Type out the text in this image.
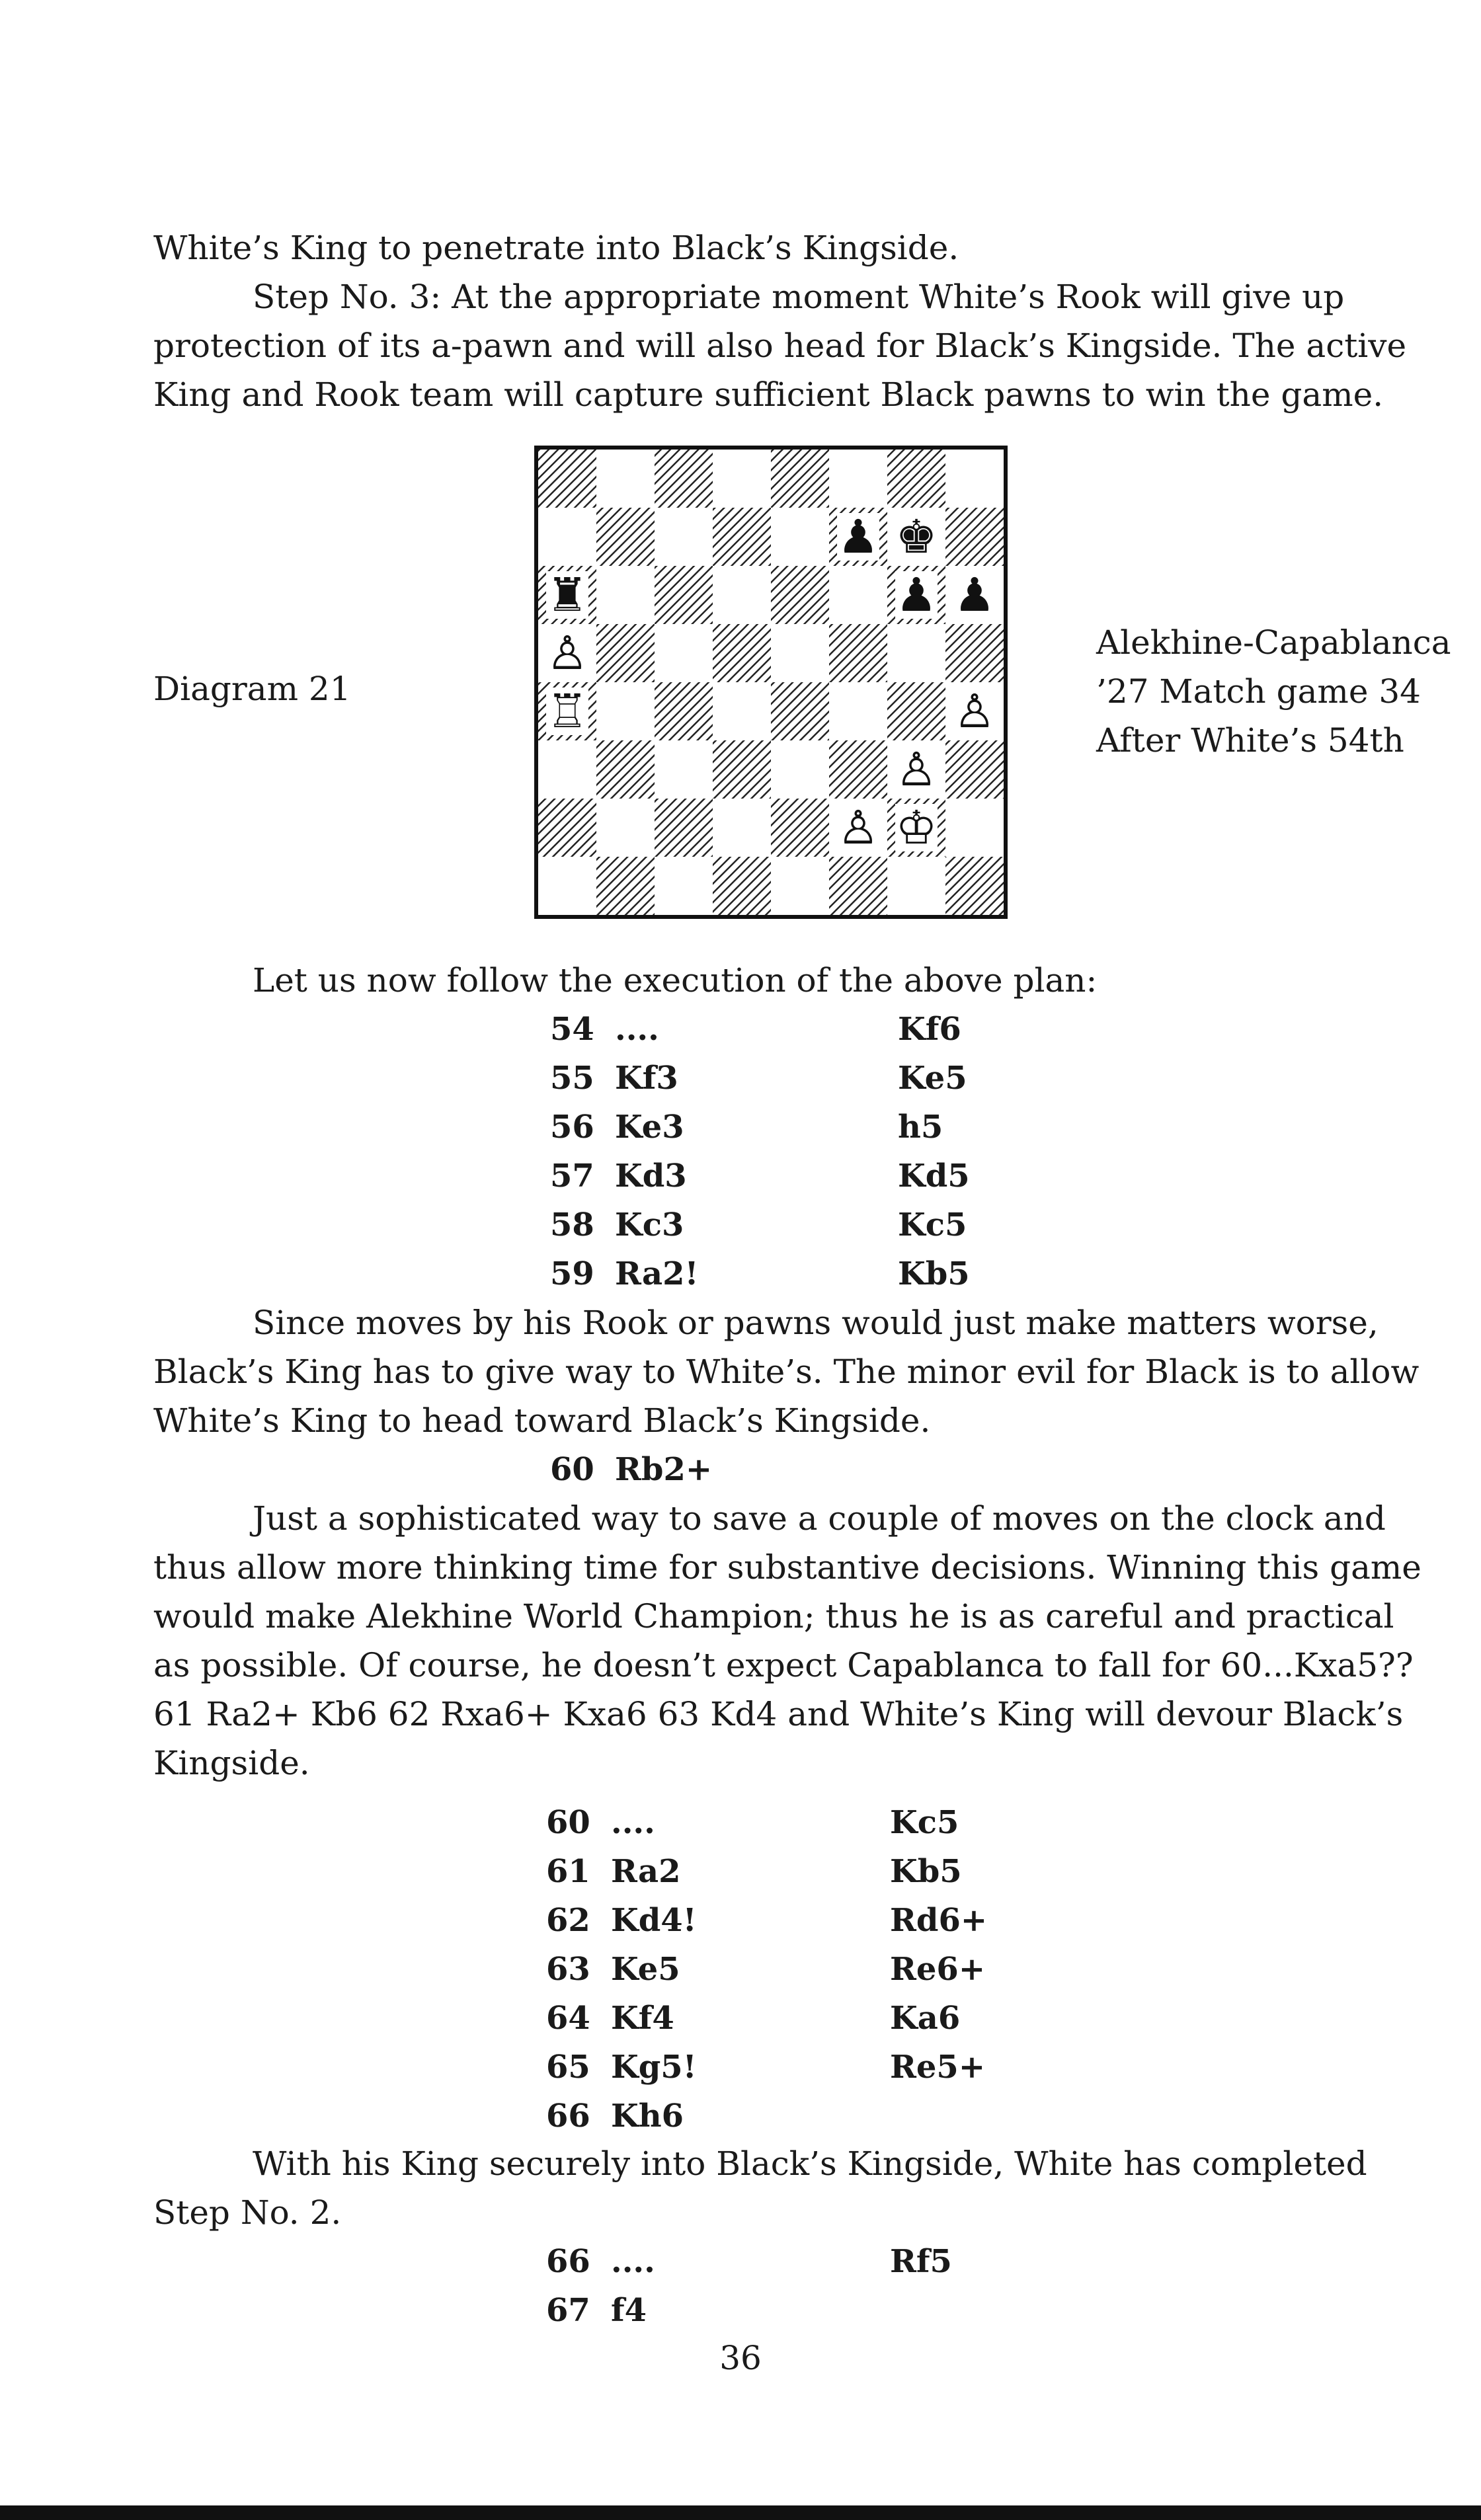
White’s King to penetrate into Black’s Kingside.

Step No. 3: At the appropriate moment White’s Rook will give up protection of its a-pawn and will also head for Black’s Kingside. The active King and Rook team will capture sufficient Black pawns to win the game.

Diagram 21
♟ ♚
♜	♟ ♟
♙
♖	♙
♙
♙ ♔
Alekhine-Capablanca
’27 Match game 34
After White’s 54th

Let us now follow the execution of the above plan:

54 ....	Kf6
55 Kf3	Ke5
56 Ke3	h5
57 Kd3	Kd5
58 Kc3	Kc5
59 Ra2!	Kb5

Since moves by his Rook or pawns would just make matters worse, Black’s King has to give way to White’s. The minor evil for Black is to allow White’s King to head toward Black’s Kingside.

60 Rb2+

Just a sophisticated way to save a couple of moves on the clock and thus allow more thinking time for substantive decisions. Winning this game would make Alekhine World Champion; thus he is as careful and practical as possible. Of course, he doesn’t expect Capablanca to fall for 60...Kxa5?? 61 Ra2+ Kb6 62 Rxa6+ Kxa6 63 Kd4 and White’s King will devour Black’s Kingside.

60 ....	Kc5
61 Ra2	Kb5
62 Kd4!	Rd6+
63 Ke5	Re6+
64 Kf4	Ka6
65 Kg5!	Re5+
66 Kh6

With his King securely into Black’s Kingside, White has completed Step No. 2.

66 ....	Rf5
67 f4
36
